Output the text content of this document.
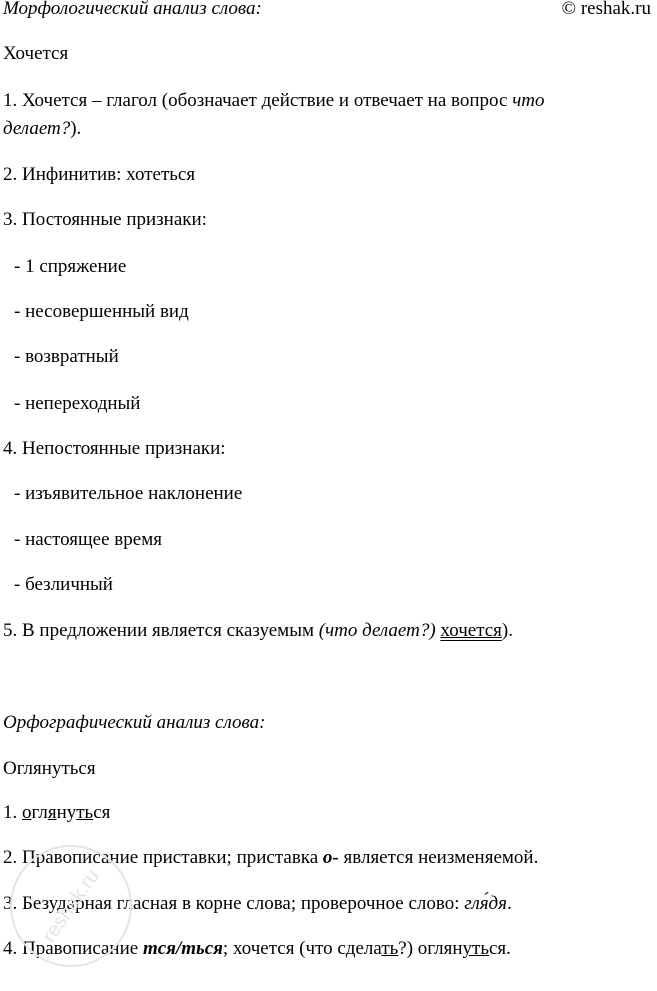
Морфологический анализ слова:	© reshak.ru
Хочется
1. Хочется – глагол (обозначает действие и отвечает на вопрос что
делает?).
2. Инфинитив: хотеться
3. Постоянные признаки:
- 1 спряжение
- несовершенный вид
- возвратный
- непереходный
4. Непостоянные признаки:
- изъявительное наклонение
- настоящее время
- безличный
5. В предложении является сказуемым (что делает?) хочется).
Орфографический анализ слова:
Оглянуться
1. оглянуться
2. Правописание приставки; приставка о- является неизменяемой.
3. Безударная гласная в корне слова; проверочное слово: гля́дя.
4. Правописание тся/ться; хочется (что сделать?) оглянуться.
reshak.ru
